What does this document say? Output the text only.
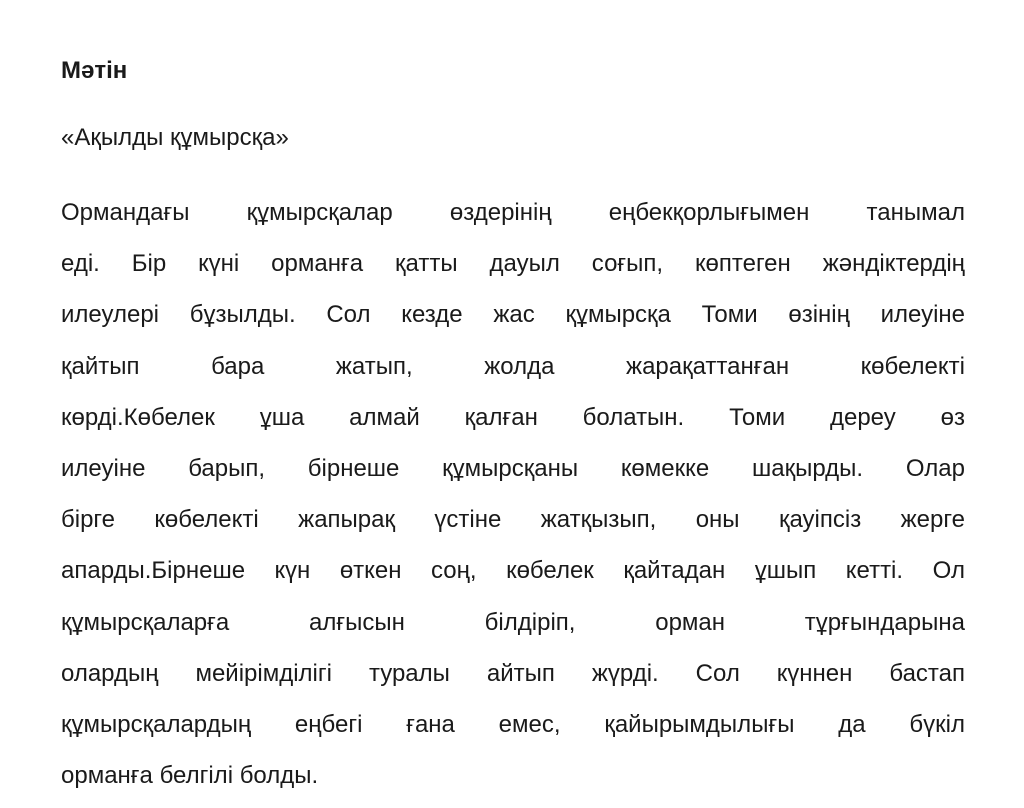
Мәтін

«Ақылды құмырсқа»

Ормандағы құмырсқалар өздерінің еңбекқорлығымен танымал
еді. Бір күні орманға қатты дауыл соғып, көптеген жәндіктердің
илеулері бұзылды. Сол кезде жас құмырсқа Томи өзінің илеуіне
қайтып	бара	жатып,	жолда	жарақаттанған	көбелекті
көрді.Көбелек ұша алмай қалған болатын. Томи дереу өз
илеуіне барып, бірнеше құмырсқаны көмекке шақырды. Олар
бірге көбелекті жапырақ үстіне жатқызып, оны қауіпсіз жерге
апарды.Бірнеше күн өткен соң, көбелек қайтадан ұшып кетті. Ол
құмырсқаларға	алғысын	білдіріп,	орман	тұрғындарына
олардың мейірімділігі туралы айтып жүрді. Сол күннен бастап
құмырсқалардың еңбегі ғана емес, қайырымдылығы да бүкіл
орманға белгілі болды.
